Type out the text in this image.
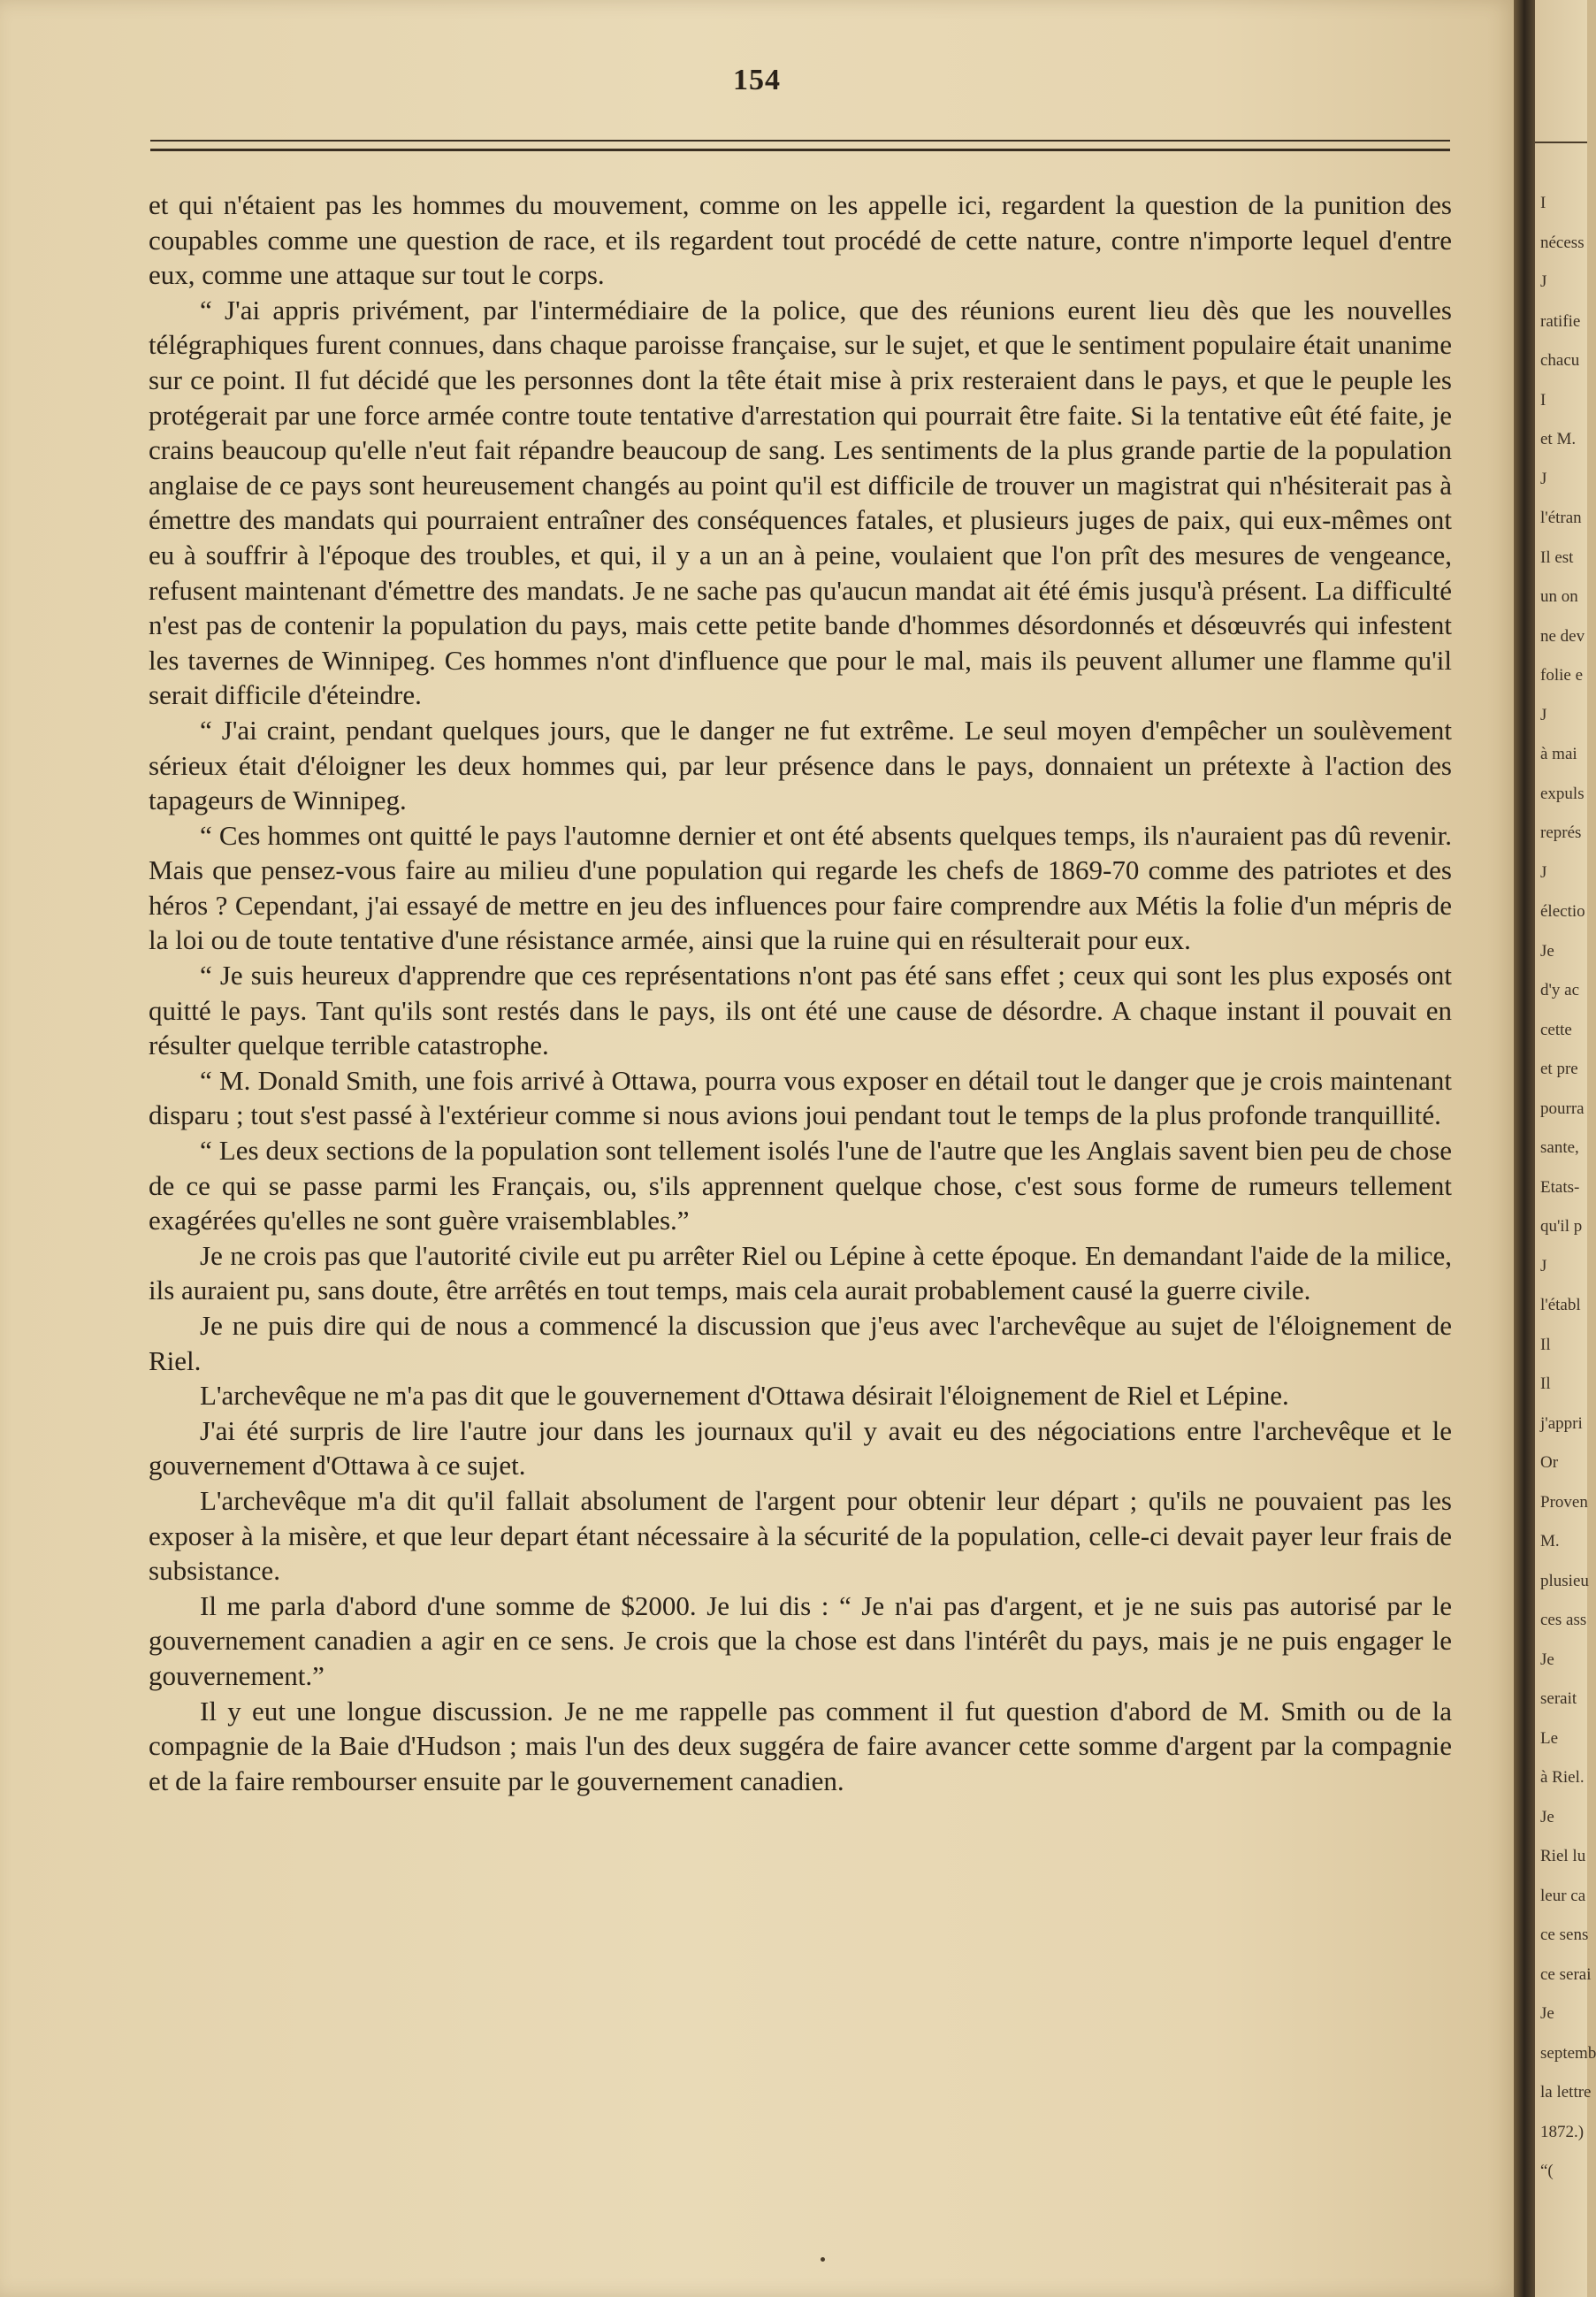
154

et qui n'étaient pas les hommes du mouvement, comme on les appelle ici, regardent la question de la punition des coupables comme une question de race, et ils regardent tout procédé de cette nature, contre n'importe lequel d'entre eux, comme une attaque sur tout le corps.

“ J'ai appris privément, par l'intermédiaire de la police, que des réunions eurent lieu dès que les nouvelles télégraphiques furent connues, dans chaque paroisse française, sur le sujet, et que le sentiment populaire était unanime sur ce point. Il fut décidé que les personnes dont la tête était mise à prix resteraient dans le pays, et que le peuple les protégerait par une force armée contre toute tentative d'arrestation qui pourrait être faite. Si la tentative eût été faite, je crains beaucoup qu'elle n'eut fait répandre beaucoup de sang. Les sentiments de la plus grande partie de la population anglaise de ce pays sont heureusement changés au point qu'il est difficile de trouver un magistrat qui n'hésiterait pas à émettre des mandats qui pourraient entraîner des conséquences fatales, et plusieurs juges de paix, qui eux-mêmes ont eu à souffrir à l'époque des troubles, et qui, il y a un an à peine, voulaient que l'on prît des mesures de vengeance, refusent maintenant d'émettre des mandats. Je ne sache pas qu'aucun mandat ait été émis jusqu'à présent. La difficulté n'est pas de contenir la population du pays, mais cette petite bande d'hommes désordonnés et désœuvrés qui infestent les tavernes de Winnipeg. Ces hommes n'ont d'influence que pour le mal, mais ils peuvent allumer une flamme qu'il serait difficile d'éteindre.

“ J'ai craint, pendant quelques jours, que le danger ne fut extrême. Le seul moyen d'empêcher un soulèvement sérieux était d'éloigner les deux hommes qui, par leur présence dans le pays, donnaient un prétexte à l'action des tapageurs de Winnipeg.

“ Ces hommes ont quitté le pays l'automne dernier et ont été absents quelques temps, ils n'auraient pas dû revenir. Mais que pensez-vous faire au milieu d'une population qui regarde les chefs de 1869-70 comme des patriotes et des héros ? Cependant, j'ai essayé de mettre en jeu des influences pour faire comprendre aux Métis la folie d'un mépris de la loi ou de toute tentative d'une résistance armée, ainsi que la ruine qui en résulterait pour eux.

“ Je suis heureux d'apprendre que ces représentations n'ont pas été sans effet ; ceux qui sont les plus exposés ont quitté le pays. Tant qu'ils sont restés dans le pays, ils ont été une cause de désordre. A chaque instant il pouvait en résulter quelque terrible catastrophe.

“ M. Donald Smith, une fois arrivé à Ottawa, pourra vous exposer en détail tout le danger que je crois maintenant disparu ; tout s'est passé à l'extérieur comme si nous avions joui pendant tout le temps de la plus profonde tranquillité.

“ Les deux sections de la population sont tellement isolés l'une de l'autre que les Anglais savent bien peu de chose de ce qui se passe parmi les Français, ou, s'ils apprennent quelque chose, c'est sous forme de rumeurs tellement exagérées qu'elles ne sont guère vraisemblables.”

Je ne crois pas que l'autorité civile eut pu arrêter Riel ou Lépine à cette époque. En demandant l'aide de la milice, ils auraient pu, sans doute, être arrêtés en tout temps, mais cela aurait probablement causé la guerre civile.

Je ne puis dire qui de nous a commencé la discussion que j'eus avec l'archevêque au sujet de l'éloignement de Riel.

L'archevêque ne m'a pas dit que le gouvernement d'Ottawa désirait l'éloignement de Riel et Lépine.

J'ai été surpris de lire l'autre jour dans les journaux qu'il y avait eu des négociations entre l'archevêque et le gouvernement d'Ottawa à ce sujet.

L'archevêque m'a dit qu'il fallait absolument de l'argent pour obtenir leur départ ; qu'ils ne pouvaient pas les exposer à la misère, et que leur depart étant nécessaire à la sécurité de la population, celle-ci devait payer leur frais de subsistance.

Il me parla d'abord d'une somme de $2000. Je lui dis : “ Je n'ai pas d'argent, et je ne suis pas autorisé par le gouvernement canadien a agir en ce sens. Je crois que la chose est dans l'intérêt du pays, mais je ne puis engager le gouvernement.”

Il y eut une longue discussion. Je ne me rappelle pas comment il fut question d'abord de M. Smith ou de la compagnie de la Baie d'Hudson ; mais l'un des deux suggéra de faire avancer cette somme d'argent par la compagnie et de la faire rembourser ensuite par le gouvernement canadien.

I
nécess
J
ratifie
chacu
I
et M.
J
l'étran
Il est
un on
ne dev
folie e
J
à mai
expuls
représ
J
électio
Je
d'y ac
cette
et pre
pourra
sante,
Etats-
qu'il p
J
l'établ
Il
Il
j'appri
Or
Proven
M.
plusieu
ces ass
Je
serait
Le
à Riel.
Je
Riel lu
leur ca
ce sens
ce serai
Je
septemb
la lettre
1872.)
“(
